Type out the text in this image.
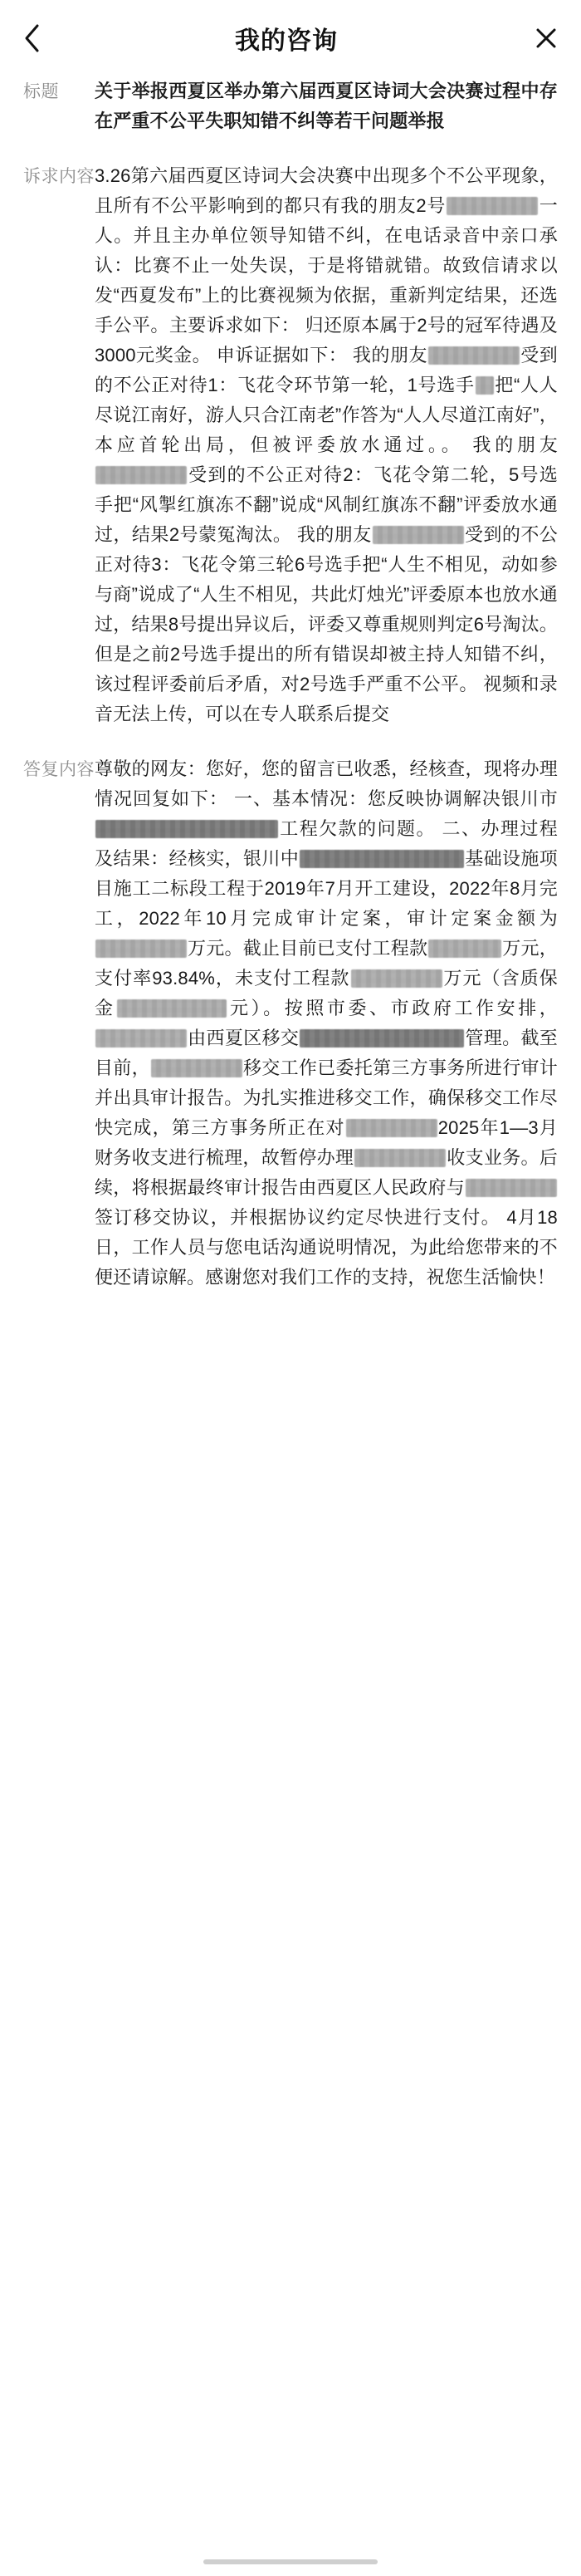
我的咨询
标题	关于举报西夏区举办第六届西夏区诗词大会决赛过程中存在严重不公平失职知错不纠等若干问题举报
诉求内容 3.26第六届西夏区诗词大会决赛中出现多个不公平现象，且所有不公平影响到的都只有我的朋友2号	一人。并且主办单位领导知错不纠，在电话录音中亲口承认：比赛不止一处失误，于是将错就错。故致信请求以发“西夏发布”上的比赛视频为依据，重新判定结果，还选手公平。主要诉求如下： 归还原本属于2号的冠军待遇及3000元奖金。 申诉证据如下： 我的朋友	受到的不公正对待1：飞花令环节第一轮，1号选手 把“人人尽说江南好，游人只合江南老”作答为“人人尽道江南好”，本应首轮出局，但被评委放水通过。。 我的朋友受到的不公正对待2：飞花令第二轮，5号选手把“风掣红旗冻不翻”说成“风制红旗冻不翻”评委放水通过，结果2号蒙冤淘汰。 我的朋友	受到的不公正对待3：飞花令第三轮6号选手把“人生不相见，动如参与商”说成了“人生不相见，共此灯烛光”评委原本也放水通过，结果8号提出异议后，评委又尊重规则判定6号淘汰。但是之前2号选手提出的所有错误却被主持人知错不纠，该过程评委前后矛盾，对2号选手严重不公平。 视频和录音无法上传，可以在专人联系后提交
答复内容 尊敬的网友：您好，您的留言已收悉，经核查，现将办理情况回复如下： 一、基本情况：您反映协调解决银川市工程欠款的问题。 二、办理过程及结果：经核实，银川中	基础设施项目施工二标段工程于2019年7月开工建设，2022年8月完工，2022年10月完成审计定案，审计定案金额为万元。截止目前已支付工程款	万元，支付率93.84%，未支付工程款	万元（含质保金	元）。按照市委、市政府工作安排，由西夏区移交	管理。截至目前，	移交工作已委托第三方事务所进行审计并出具审计报告。为扎实推进移交工作，确保移交工作尽快完成，第三方事务所正在对	2025年1—3月财务收支进行梳理，故暂停办理	收支业务。后续，将根据最终审计报告由西夏区人民政府与签订移交协议，并根据协议约定尽快进行支付。 4月18日，工作人员与您电话沟通说明情况，为此给您带来的不便还请谅解。感谢您对我们工作的支持，祝您生活愉快！
